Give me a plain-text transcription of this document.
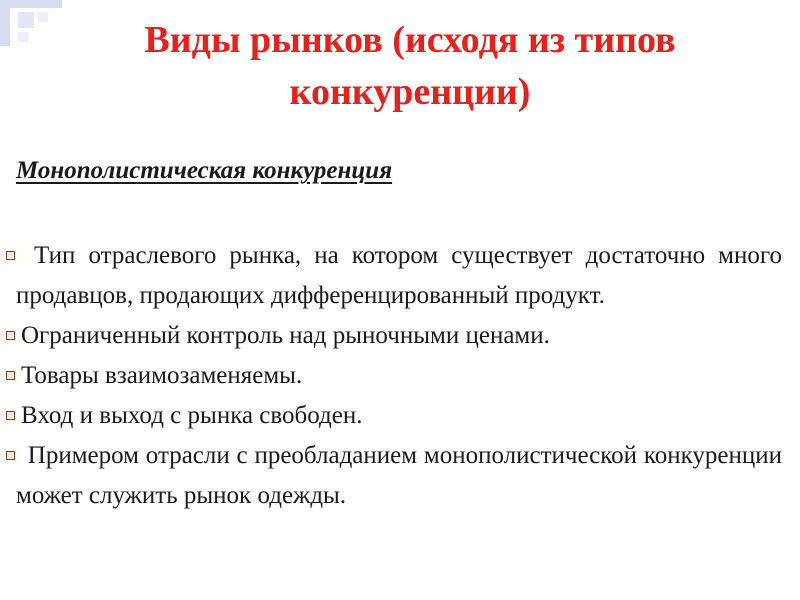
Виды рынков (исходя из типов конкуренции)
Монополистическая конкуренция
Тип отраслевого рынка, на котором существует достаточно много продавцов, продающих дифференцированный продукт.
Ограниченный контроль над рыночными ценами.
Товары взаимозаменяемы.
Вход и выход с рынка свободен.
Примером отрасли с преобладанием монополистической конкуренции может служить рынок одежды.
